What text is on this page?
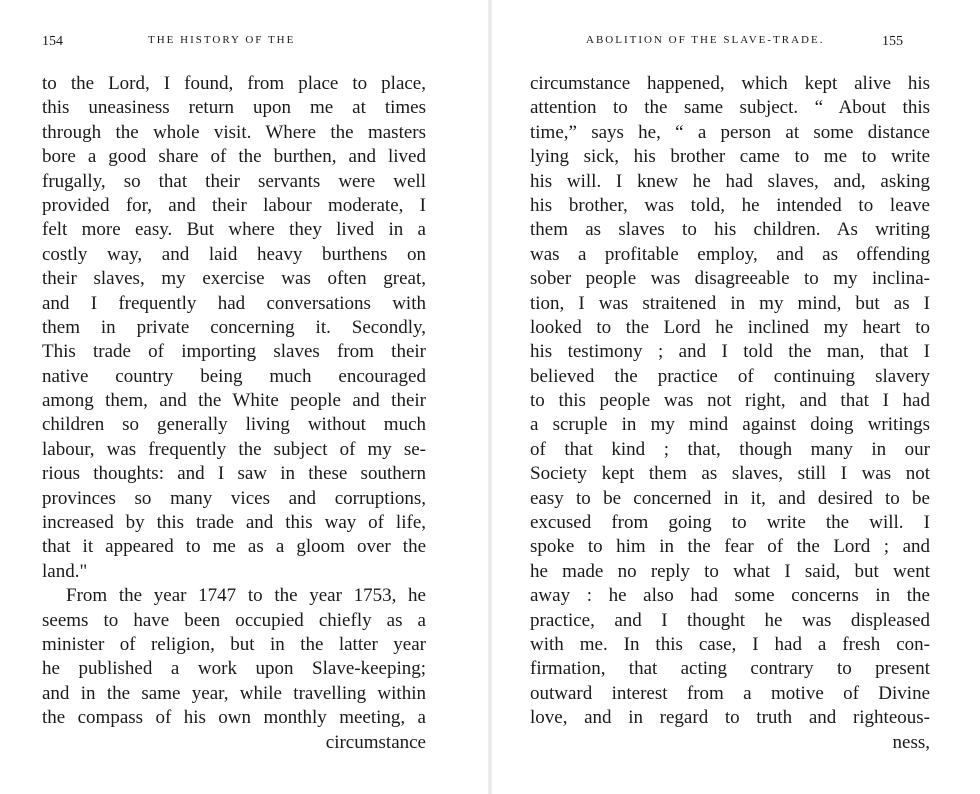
154	THE HISTORY OF THE
to the Lord, I found, from place to place,
this uneasiness return upon me at times
through the whole visit. Where the masters
bore a good share of the burthen, and lived
frugally, so that their servants were well
provided for, and their labour moderate, I
felt more easy. But where they lived in a
costly way, and laid heavy burthens on
their slaves, my exercise was often great,
and I frequently had conversations with
them in private concerning it. Secondly,
This trade of importing slaves from their
native country being much encouraged
among them, and the White people and their
children so generally living without much
labour, was frequently the subject of my se-
rious thoughts: and I saw in these southern
provinces so many vices and corruptions,
increased by this trade and this way of life,
that it appeared to me as a gloom over the
land."
From the year 1747 to the year 1753, he
seems to have been occupied chiefly as a
minister of religion, but in the latter year
he published a work upon Slave-keeping;
and in the same year, while travelling within
the compass of his own monthly meeting, a
circumstance
ABOLITION OF THE SLAVE-TRADE.	155
circumstance happened, which kept alive his
attention to the same subject. “ About this
time,” says he, “ a person at some distance
lying sick, his brother came to me to write
his will. I knew he had slaves, and, asking
his brother, was told, he intended to leave
them as slaves to his children. As writing
was a profitable employ, and as offending
sober people was disagreeable to my inclina-
tion, I was straitened in my mind, but as I
looked to the Lord he inclined my heart to
his testimony ; and I told the man, that I
believed the practice of continuing slavery
to this people was not right, and that I had
a scruple in my mind against doing writings
of that kind ; that, though many in our
Society kept them as slaves, still I was not
easy to be concerned in it, and desired to be
excused from going to write the will. I
spoke to him in the fear of the Lord ; and
he made no reply to what I said, but went
away : he also had some concerns in the
practice, and I thought he was displeased
with me. In this case, I had a fresh con-
firmation, that acting contrary to present
outward interest from a motive of Divine
love, and in regard to truth and righteous-
ness,
